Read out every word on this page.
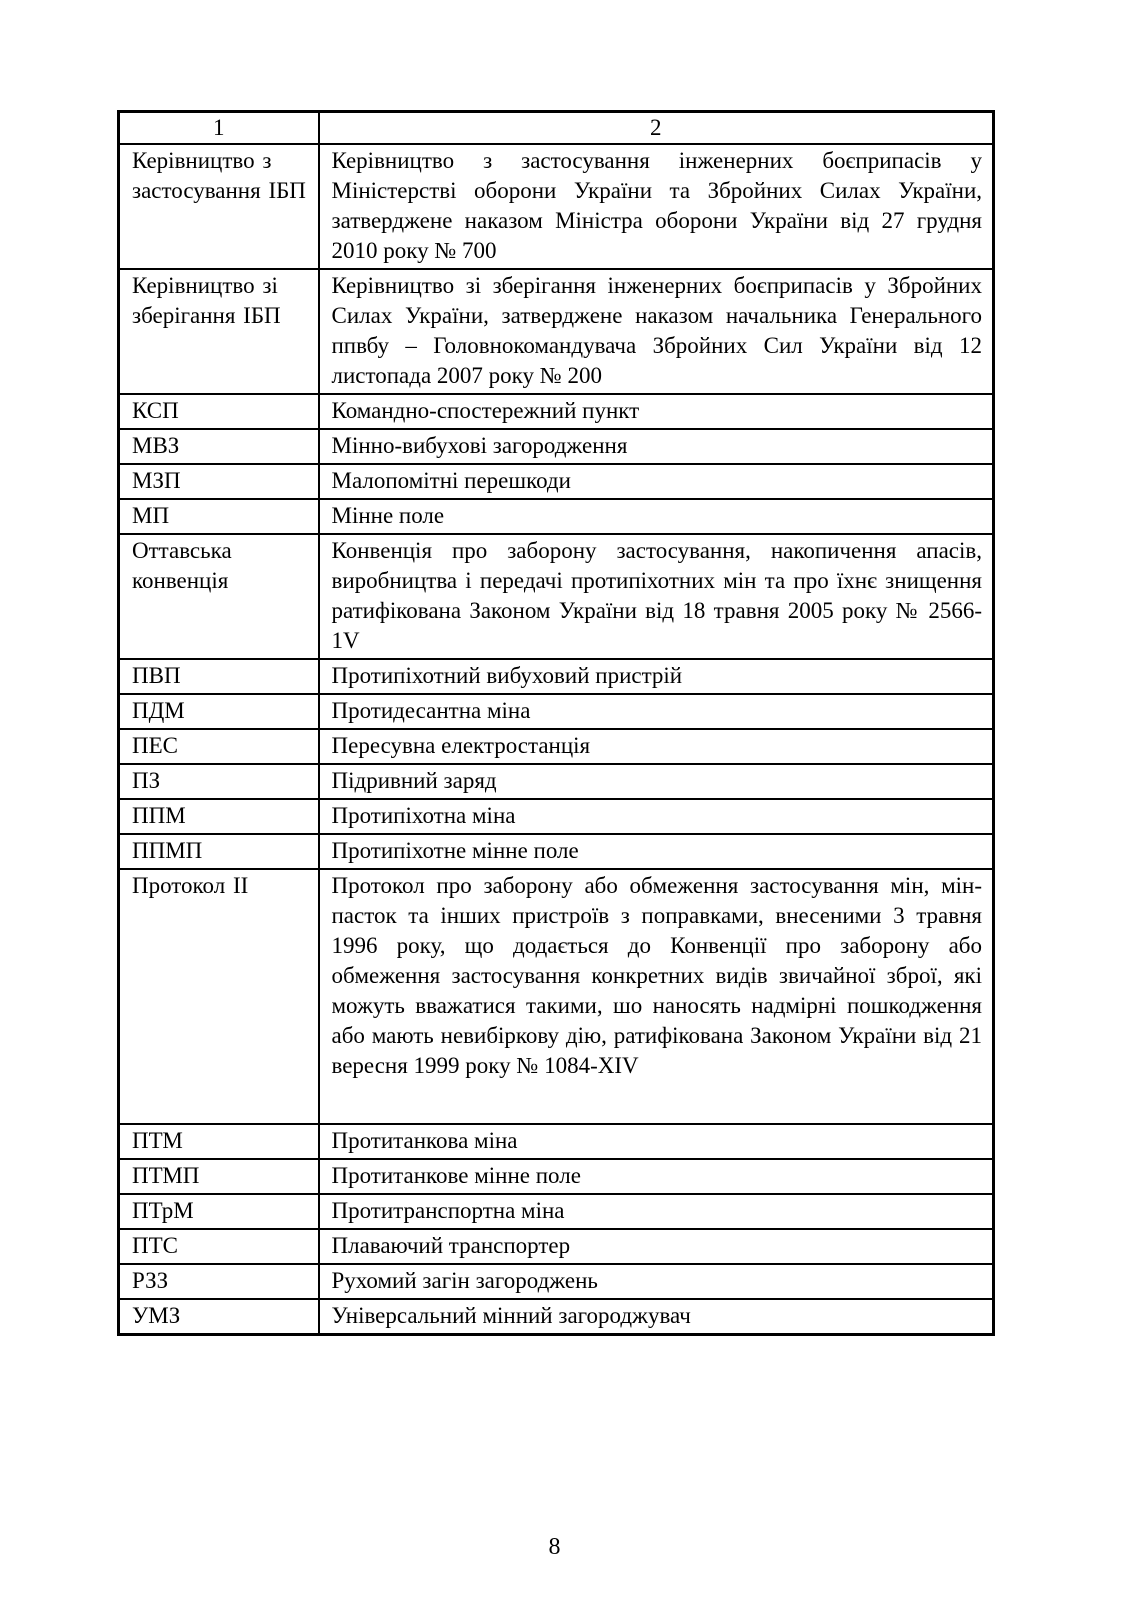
1	2
Керівництво з застосування ІБП	Керівництво з застосування інженерних боєприпасів у Міністерстві оборони України та Збройних Силах України, затверджене наказом Міністра оборони України від 27 грудня 2010 року № 700
Керівництво зі зберігання ІБП	Керівництво зі зберігання інженерних боєприпасів у Збройних Силах України, затверджене наказом начальника Генерального ппвбу – Головнокомандувача Збройних Сил України від 12 листопада 2007 року № 200
КСП	Командно-спостережний пункт
МВЗ	Мінно-вибухові загородження
МЗП	Малопомітні перешкоди
МП	Мінне поле
Оттавська конвенція	Конвенція про заборону застосування, накопичення апасів, виробництва і передачі протипіхотних мін та про їхнє знищення ратифікована Законом України від 18 травня 2005 року № 2566-1V
ПВП	Протипіхотний вибуховий пристрій
ПДМ	Протидесантна міна
ПЕС	Пересувна електростанція
ПЗ	Підривний заряд
ППМ	Протипіхотна міна
ППМП	Протипіхотне мінне поле
Протокол ІІ	Протокол про заборону або обмеження застосування мін, мін- пасток та інших пристроїв з поправками, внесеними 3 травня 1996 року, що додається до Конвенції про заборону або обмеження застосування конкретних видів звичайної зброї, які можуть вважатися такими, шо наносять надмірні пошкодження або мають невибіркову дію, ратифікована Законом України від 21 вересня 1999 року № 1084-XIV
ПТМ	Протитанкова міна
ПТМП	Протитанкове мінне поле
ПТрМ	Протитранспортна міна
ПТС	Плаваючий транспортер
РЗЗ	Рухомий загін загороджень
УМЗ	Універсальний мінний загороджувач
8
